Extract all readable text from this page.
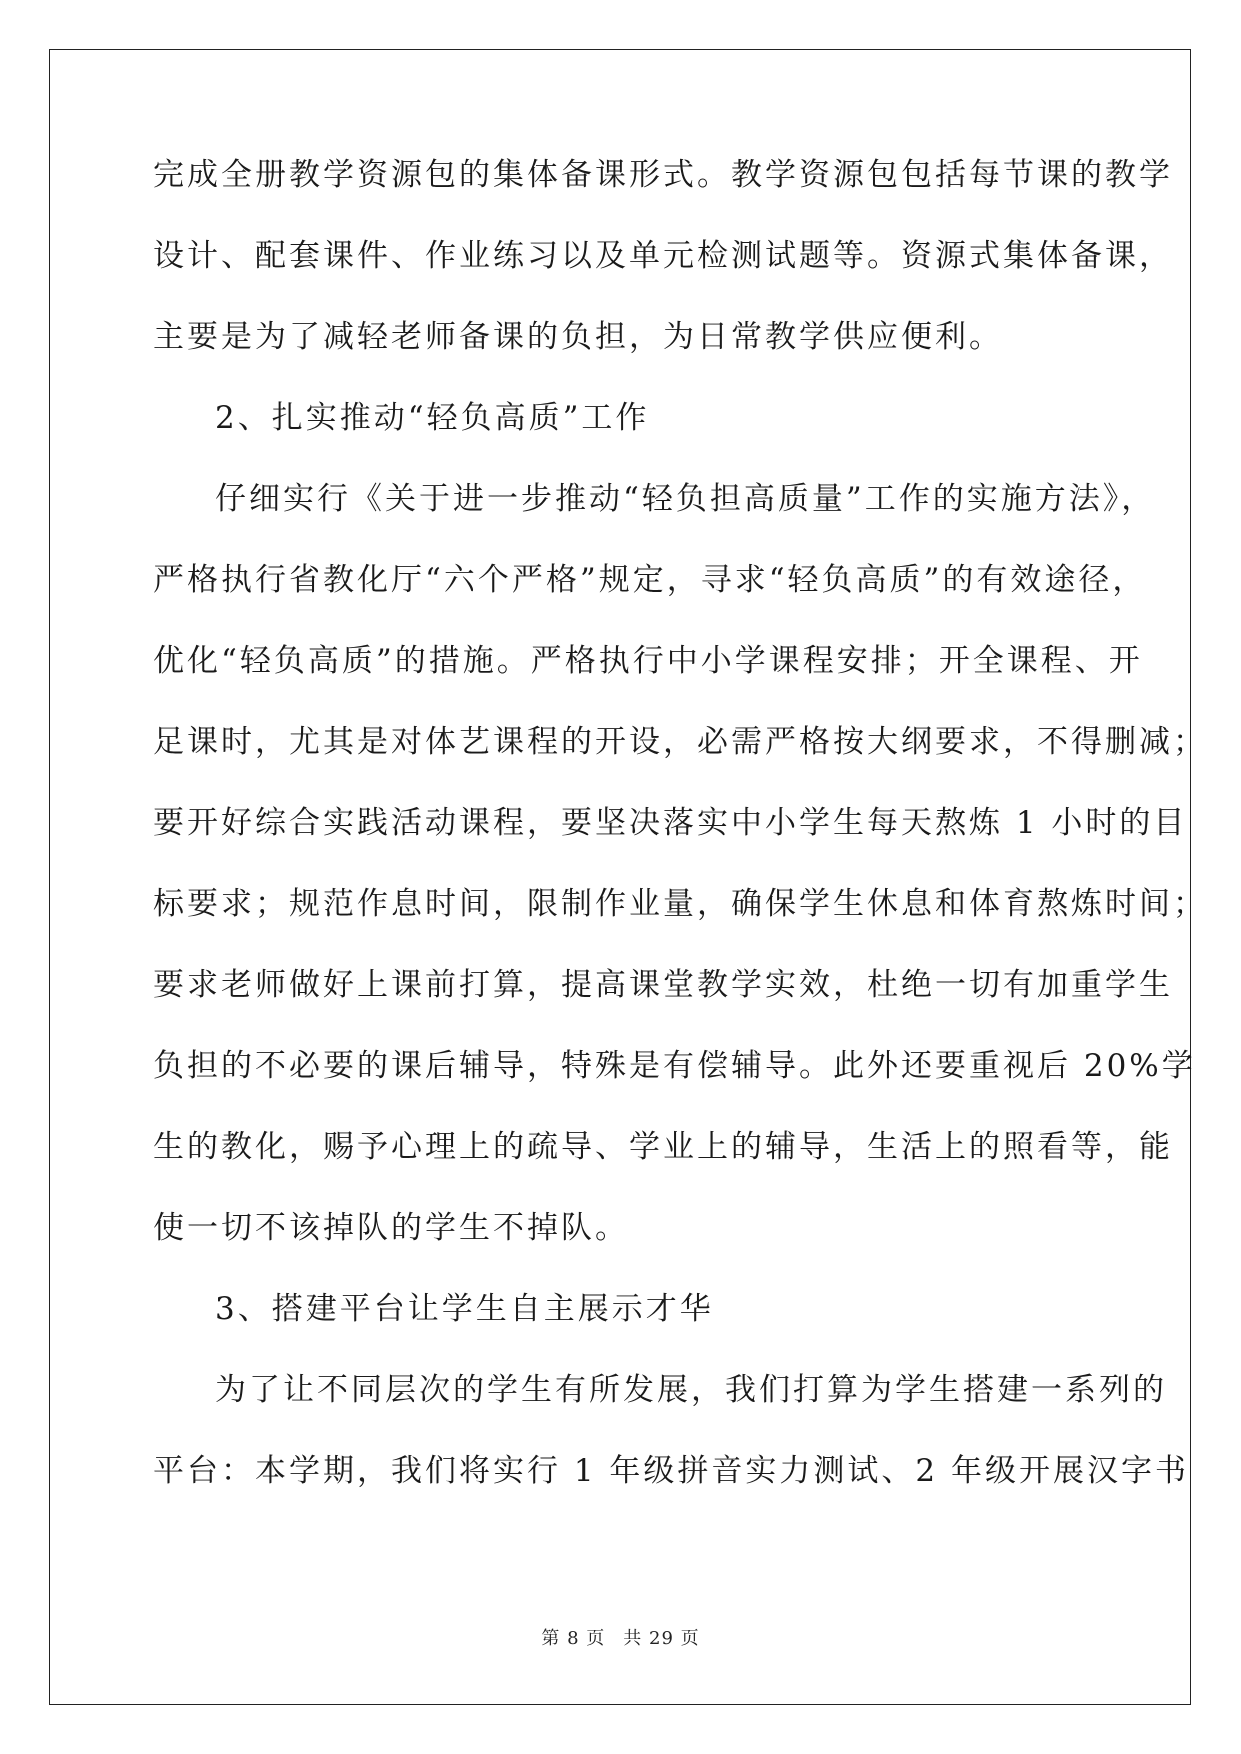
完成全册教学资源包的集体备课形式。教学资源包包括每节课的教学
设计、配套课件、作业练习以及单元检测试题等。资源式集体备课，
主要是为了减轻老师备课的负担，为日常教学供应便利。
2、扎实推动“轻负高质”工作
仔细实行《关于进一步推动“轻负担高质量”工作的实施方法》，
严格执行省教化厅“六个严格”规定，寻求“轻负高质”的有效途径，
优化“轻负高质”的措施。严格执行中小学课程安排；开全课程、开
足课时，尤其是对体艺课程的开设，必需严格按大纲要求，不得删减；
要开好综合实践活动课程，要坚决落实中小学生每天熬炼 1 小时的目
标要求；规范作息时间，限制作业量，确保学生休息和体育熬炼时间；
要求老师做好上课前打算，提高课堂教学实效，杜绝一切有加重学生
负担的不必要的课后辅导，特殊是有偿辅导。此外还要重视后 20%学
生的教化，赐予心理上的疏导、学业上的辅导，生活上的照看等，能
使一切不该掉队的学生不掉队。
3、搭建平台让学生自主展示才华
为了让不同层次的学生有所发展，我们打算为学生搭建一系列的
平台：本学期，我们将实行 1 年级拼音实力测试、2 年级开展汉字书
第 8 页 共 29 页
